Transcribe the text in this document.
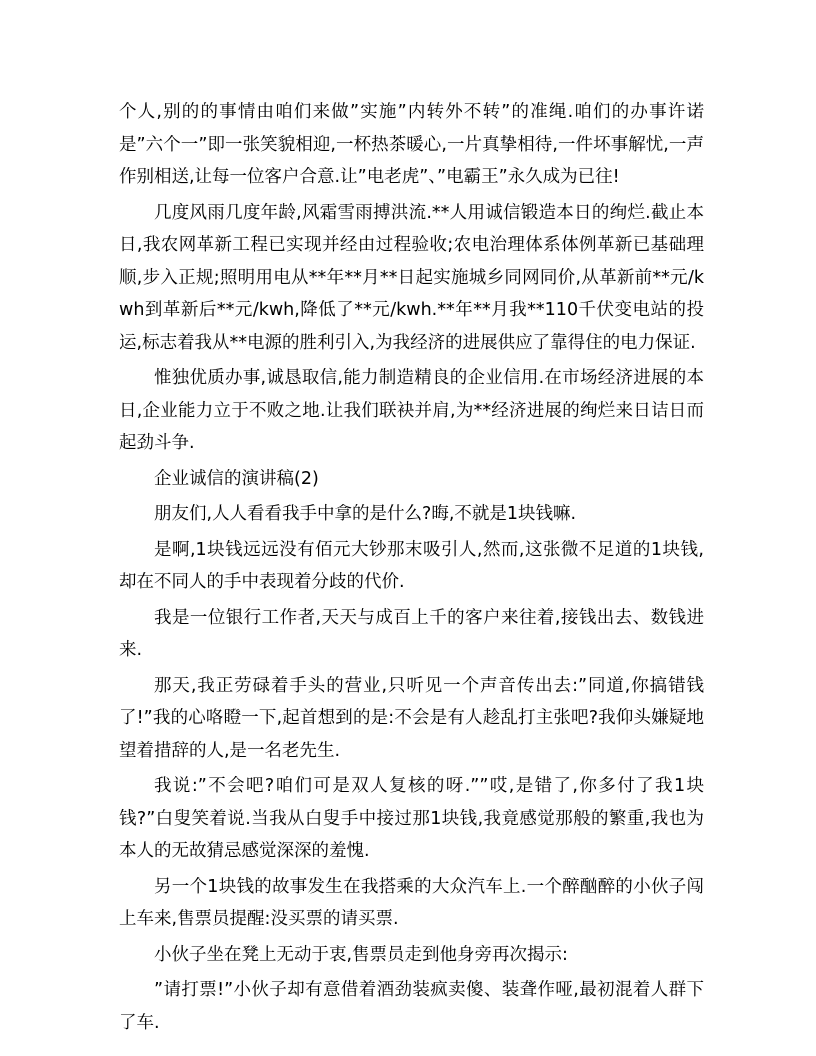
个人,别的的事情由咱们来做”实施”内转外不转”的准绳.咱们的办事许诺是”六个一”即一张笑貌相迎,一杯热茶暖心,一片真挚相待,一件坏事解忧,一声作别相送,让每一位客户合意.让”电老虎”、”电霸王”永久成为已往!

几度风雨几度年龄,风霜雪雨搏洪流.**人用诚信锻造本日的绚烂.截止本日,我农网革新工程已实现并经由过程验收;农电治理体系体例革新已基础理顺,步入正规;照明用电从**年**月**日起实施城乡同网同价,从革新前**元/kwh到革新后**元/kwh,降低了**元/kwh.**年**月我**110千伏变电站的投运,标志着我从**电源的胜利引入,为我经济的进展供应了靠得住的电力保证.

惟独优质办事,诚恳取信,能力制造精良的企业信用.在市场经济进展的本日,企业能力立于不败之地.让我们联袂并肩,为**经济进展的绚烂来日诘日而起劲斗争.

企业诚信的演讲稿(2)

朋友们,人人看看我手中拿的是什么?晦,不就是1块钱嘛.

是啊,1块钱远远没有佰元大钞那末吸引人,然而,这张微不足道的1块钱,却在不同人的手中表现着分歧的代价.

我是一位银行工作者,天天与成百上千的客户来往着,接钱出去、数钱进来.

那天,我正劳碌着手头的营业,只听见一个声音传出去:”同道,你搞错钱了!”我的心咯瞪一下,起首想到的是:不会是有人趁乱打主张吧?我仰头嫌疑地望着措辞的人,是一名老先生.

我说:”不会吧?咱们可是双人复核的呀.””哎,是错了,你多付了我1块钱?”白叟笑着说.当我从白叟手中接过那1块钱,我竟感觉那般的繁重,我也为本人的无故猜忌感觉深深的羞愧.

另一个1块钱的故事发生在我搭乘的大众汽车上.一个醉酗醉的小伙子闯上车来,售票员提醒:没买票的请买票.

小伙子坐在凳上无动于衷,售票员走到他身旁再次揭示:

”请打票!”小伙子却有意借着酒劲装疯卖傻、装聋作哑,最初混着人群下了车.
